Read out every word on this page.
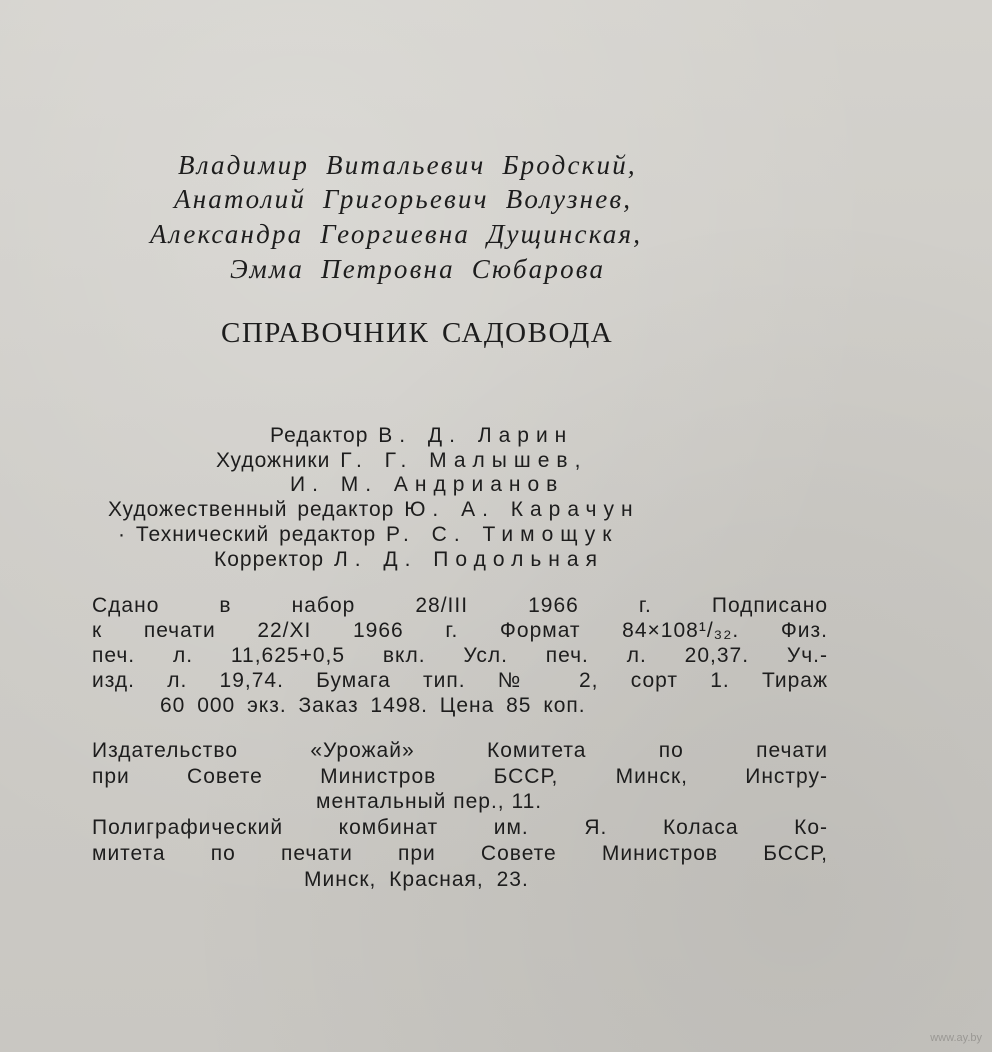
Владимир Витальевич Бродский,
Анатолий Григорьевич Волузнев,
Александра Георгиевна Дущинская,
Эмма Петровна Сюбарова
СПРАВОЧНИК САДОВОДА
Редактор В. Д. Ларин
Художники Г. Г. Малышев,
И. М. Андрианов
Художественный редактор Ю. А. Карачун
· Технический редактор Р. С. Тимощук
Корректор Л. Д. Подольная
Сдано в набор 28/III 1966 г. Подписано
к печати 22/XI 1966 г. Формат 84×108¹/₃₂. Физ.
печ. л. 11,625+0,5 вкл. Усл. печ. л. 20,37. Уч.-
изд. л. 19,74. Бумага тип. № 2, сорт 1. Тираж
60 000 экз. Заказ 1498. Цена 85 коп.
Издательство «Урожай» Комитета по печати
при Совете Министров БССР, Минск, Инстру-
ментальный пер., 11.
Полиграфический комбинат им. Я. Коласа Ко-
митета по печати при Совете Министров БССР,
Минск, Красная, 23.
www.ay.by
